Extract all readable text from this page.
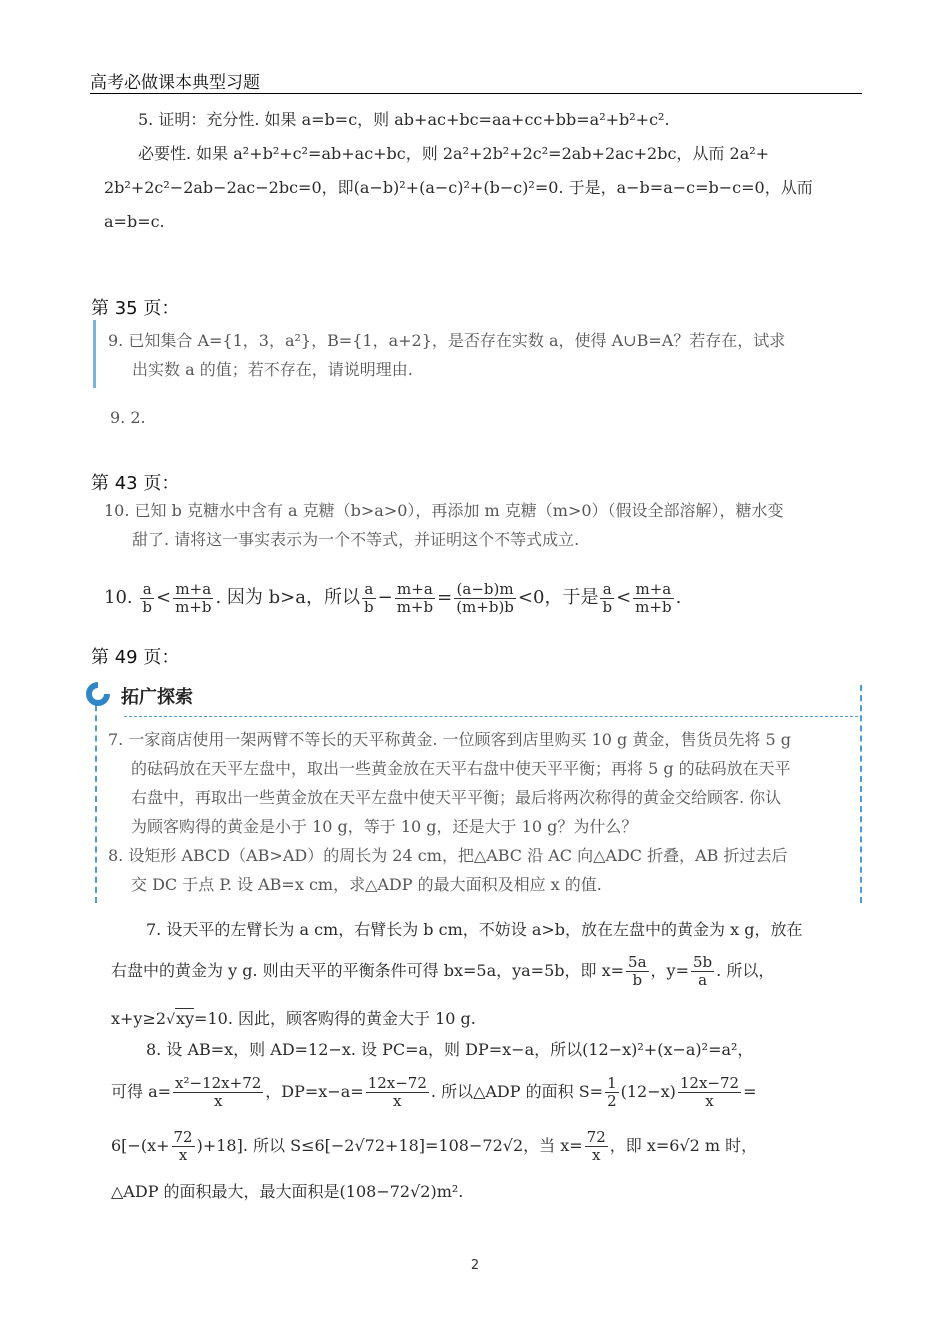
高考必做课本典型习题
5. 证明：充分性. 如果 a=b=c，则 ab+ac+bc=aa+cc+bb=a²+b²+c².
必要性. 如果 a²+b²+c²=ab+ac+bc，则 2a²+2b²+2c²=2ab+2ac+2bc，从而 2a²+
2b²+2c²−2ab−2ac−2bc=0，即(a−b)²+(a−c)²+(b−c)²=0. 于是，a−b=a−c=b−c=0，从而
a=b=c.
第 35 页：
9. 已知集合 A={1，3，a²}，B={1，a+2}，是否存在实数 a，使得 A∪B=A？若存在，试求
出实数 a 的值；若不存在，请说明理由.
9. 2.
第 43 页：
10. 已知 b 克糖水中含有 a 克糖（b>a>0），再添加 m 克糖（m>0）（假设全部溶解），糖水变
甜了. 请将这一事实表示为一个不等式，并证明这个不等式成立.
10. $\frac{a}{b} < \frac{m+a}{m+b}$ . 因为 b>a，所以 $\frac{a}{b} - \frac{m+a}{m+b} = \frac{(a-b)m}{(m+b)b} <0$，于是 $\frac{a}{b} < \frac{m+a}{m+b}$ .
第 49 页：
拓广探索
7. 一家商店使用一架两臂不等长的天平称黄金. 一位顾客到店里购买 10 g 黄金，售货员先将 5 g
的砝码放在天平左盘中，取出一些黄金放在天平右盘中使天平平衡；再将 5 g 的砝码放在天平
右盘中，再取出一些黄金放在天平左盘中使天平平衡；最后将两次称得的黄金交给顾客. 你认
为顾客购得的黄金是小于 10 g，等于 10 g，还是大于 10 g？为什么？
8. 设矩形 ABCD（AB>AD）的周长为 24 cm，把△ABC 沿 AC 向△ADC 折叠，AB 折过去后
交 DC 于点 P. 设 AB=x cm，求△ADP 的最大面积及相应 x 的值.
7. 设天平的左臂长为 a cm，右臂长为 b cm，不妨设 a>b，放在左盘中的黄金为 x g，放在
右盘中的黄金为 y g. 则由天平的平衡条件可得 bx=5a，ya=5b，即 $x= \frac{5a}{b}$ ，$y= \frac{5b}{a}$ . 所以，
x+y≥2√xy=10. 因此，顾客购得的黄金大于 10 g.
8. 设 AB=x，则 AD=12−x. 设 PC=a，则 DP=x−a，所以(12−x)²+(x−a)²=a²，
可得 $a= \frac{\text{x²−12x+72}}{x}$ ，$DP=x-a= \frac{12x-72}{x}$ . 所以△ADP 的面积 $S= \frac{1}{2} (12-x) \frac{12x-72}{x}$ =
$6[-(x+ \frac{72}{x} )+18]$. 所以 S≤6[−2√72+18]=108−72√2，当 $x= \frac{72}{x}$ ，即 x=6√2 m 时，
△ADP 的面积最大，最大面积是(108−72√2)m².
2
